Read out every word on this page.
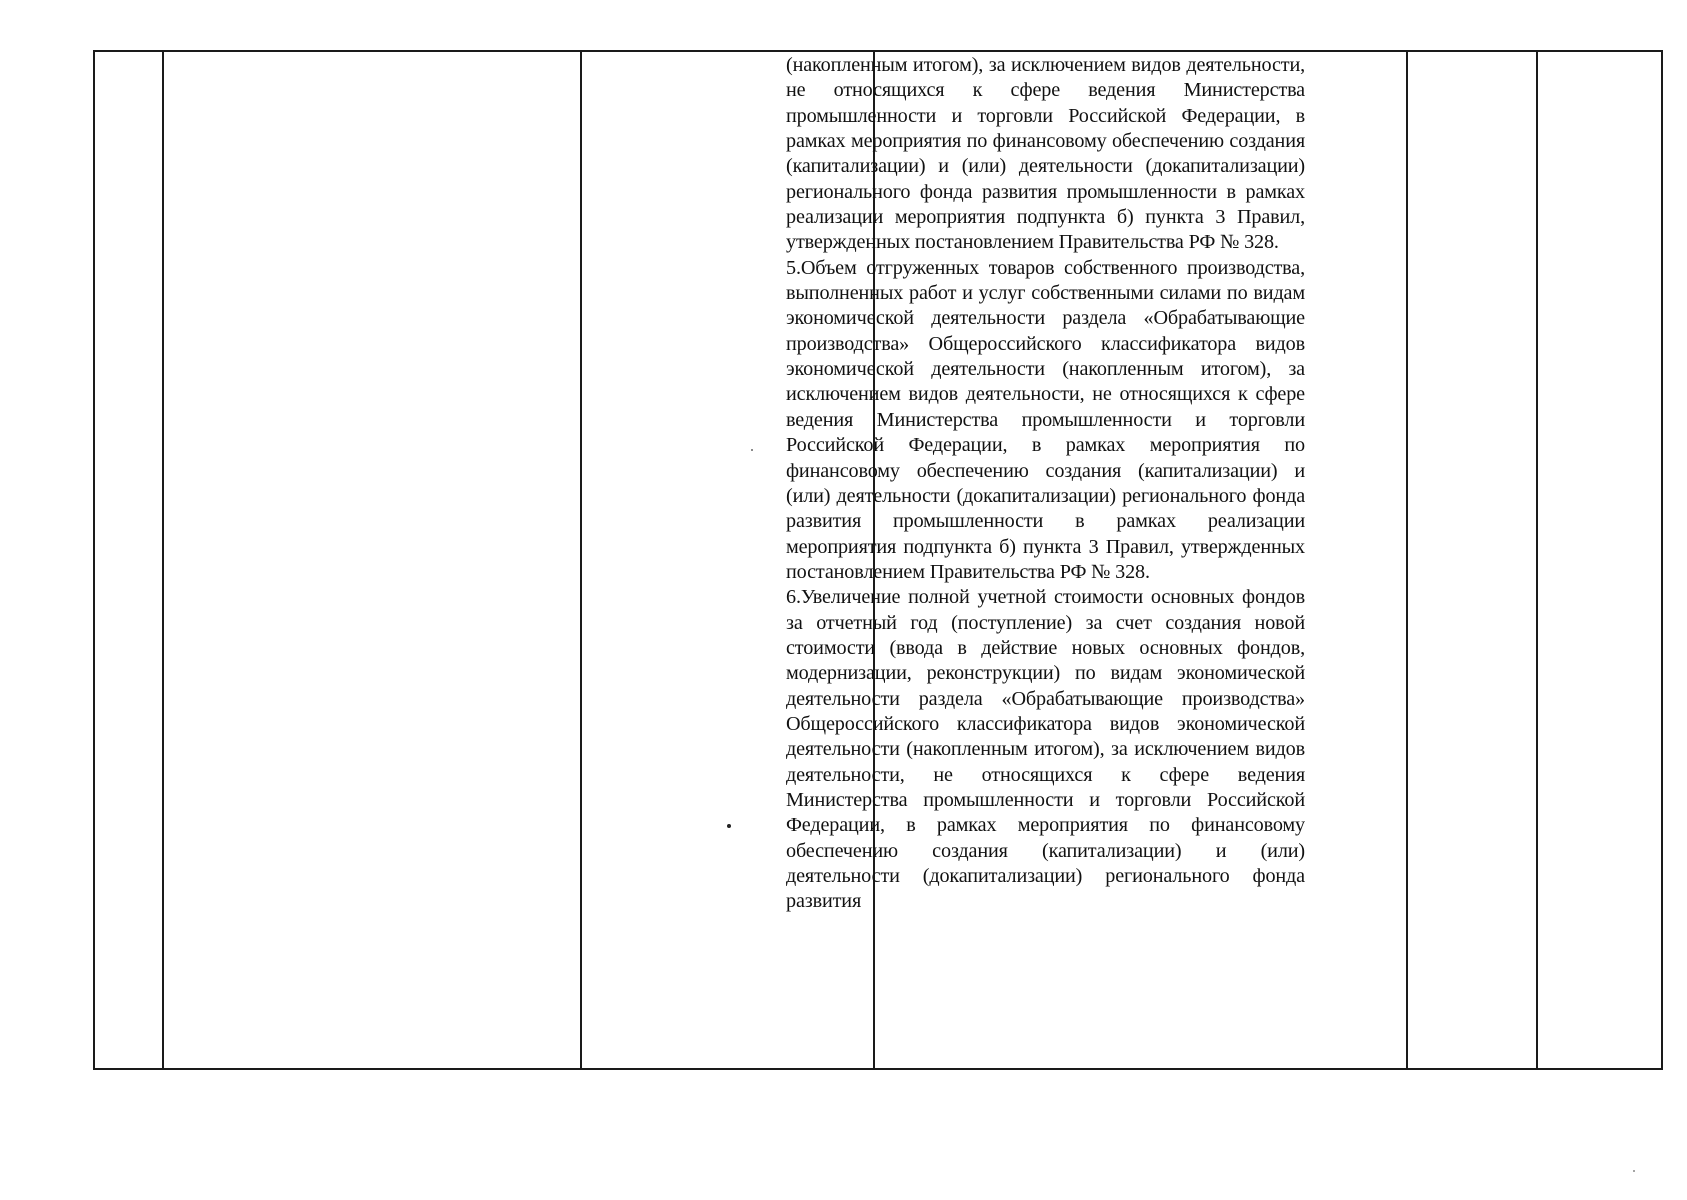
(накопленным итогом), за исключением видов деятельности, не относящихся к сфере ведения Министерства промышленности и торговли Российской Федерации, в рамках мероприятия по финансовому обеспечению создания (капитализации) и (или) деятельности (докапитализации) регионального фонда развития промышленности в рамках реализации мероприятия подпункта б) пункта 3 Правил, утвержденных постановлением Правительства РФ № 328.

5.Объем отгруженных товаров собственного производства, выполненных работ и услуг собственными силами по видам экономической деятельности раздела «Обрабатывающие производства» Общероссийского классификатора видов экономической деятельности (накопленным итогом), за исключением видов деятельности, не относящихся к сфере ведения Министерства промышленности и торговли Российской Федерации, в рамках мероприятия по финансовому обеспечению создания (капитализации) и (или) деятельности (докапитализации) регионального фонда развития промышленности в рамках реализации мероприятия подпункта б) пункта 3 Правил, утвержденных постановлением Правительства РФ № 328.

6.Увеличение полной учетной стоимости основных фондов за отчетный год (поступление) за счет создания новой стоимости (ввода в действие новых основных фондов, модернизации, реконструкции) по видам экономической деятельности раздела «Обрабатывающие производства» Общероссийского классификатора видов экономической деятельности (накопленным итогом), за исключением видов деятельности, не относящихся к сфере ведения Министерства промышленности и торговли Российской Федерации, в рамках мероприятия по финансовому обеспечению создания (капитализации) и (или) деятельности (докапитализации) регионального фонда развития
